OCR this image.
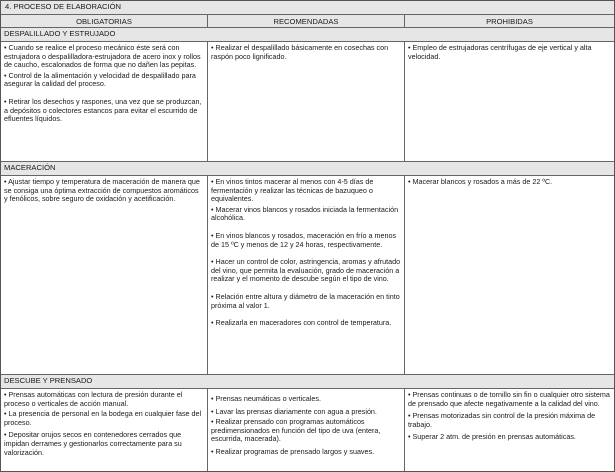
4. PROCESO DE ELABORACIÓN
OBLIGATORIAS	RECOMENDADAS	PROHIBIDAS
DESPALILLADO Y ESTRUJADO

• Cuando se realice el proceso mecánico éste será con estrujadora o despalilladora-estrujadora de acero inox y rollos de caucho, escalonados de forma que no dañen las pepitas.

• Control de la alimentación y velocidad de despalillado para asegurar la calidad del proceso.

• Retirar los desechos y raspones, una vez que se produzcan, a depósitos o colectores estancos para evitar el escurrido de efluentes líquidos.

• Realizar el despalillado básicamente en cosechas con raspón poco lignificado.

• Empleo de estrujadoras centrífugas de eje vertical y alta velocidad.

MACERACIÓN

• Ajustar tiempo y temperatura de maceración de manera que se consiga una óptima extracción de compuestos aromáticos y fenólicos, sobre seguro de oxidación y acetificación.

• En vinos tintos macerar al menos con 4-5 días de fermentación y realizar las técnicas de bazuqueo o equivalentes.

• Macerar vinos blancos y rosados iniciada la fermentación alcohólica.

• En vinos blancos y rosados, maceración en frío a menos de 15 ºC y menos de 12 y 24 horas, respectivamente.

• Hacer un control de color, astringencia, aromas y afrutado del vino, que permita la evaluación, grado de maceración a realizar y el momento de descube según el tipo de vino.

• Relación entre altura y diámetro de la maceración en tinto próxima al valor 1.

• Realizarla en maceradores con control de temperatura.

• Macerar blancos y rosados a más de 22 ºC.

DESCUBE Y PRENSADO

• Prensas automáticas con lectura de presión durante el proceso o verticales de acción manual.

• La presencia de personal en la bodega en cualquier fase del proceso.

• Depositar orujos secos en contenedores cerrados que impidan derrames y gestionarlos correctamente para su valorización.

• Prensas neumáticas o verticales.

• Lavar las prensas diariamente con agua a presión.

• Realizar prensado con programas automáticos predimensionados en función del tipo de uva (entera, escurrida, macerada).

• Realizar programas de prensado largos y suaves.

• Prensas continuas o de tornillo sin fin o cualquier otro sistema de prensado que afecte negativamente a la calidad del vino.

• Prensas motorizadas sin control de la presión máxima de trabajo.

• Superar 2 atm. de presión en prensas automáticas.
